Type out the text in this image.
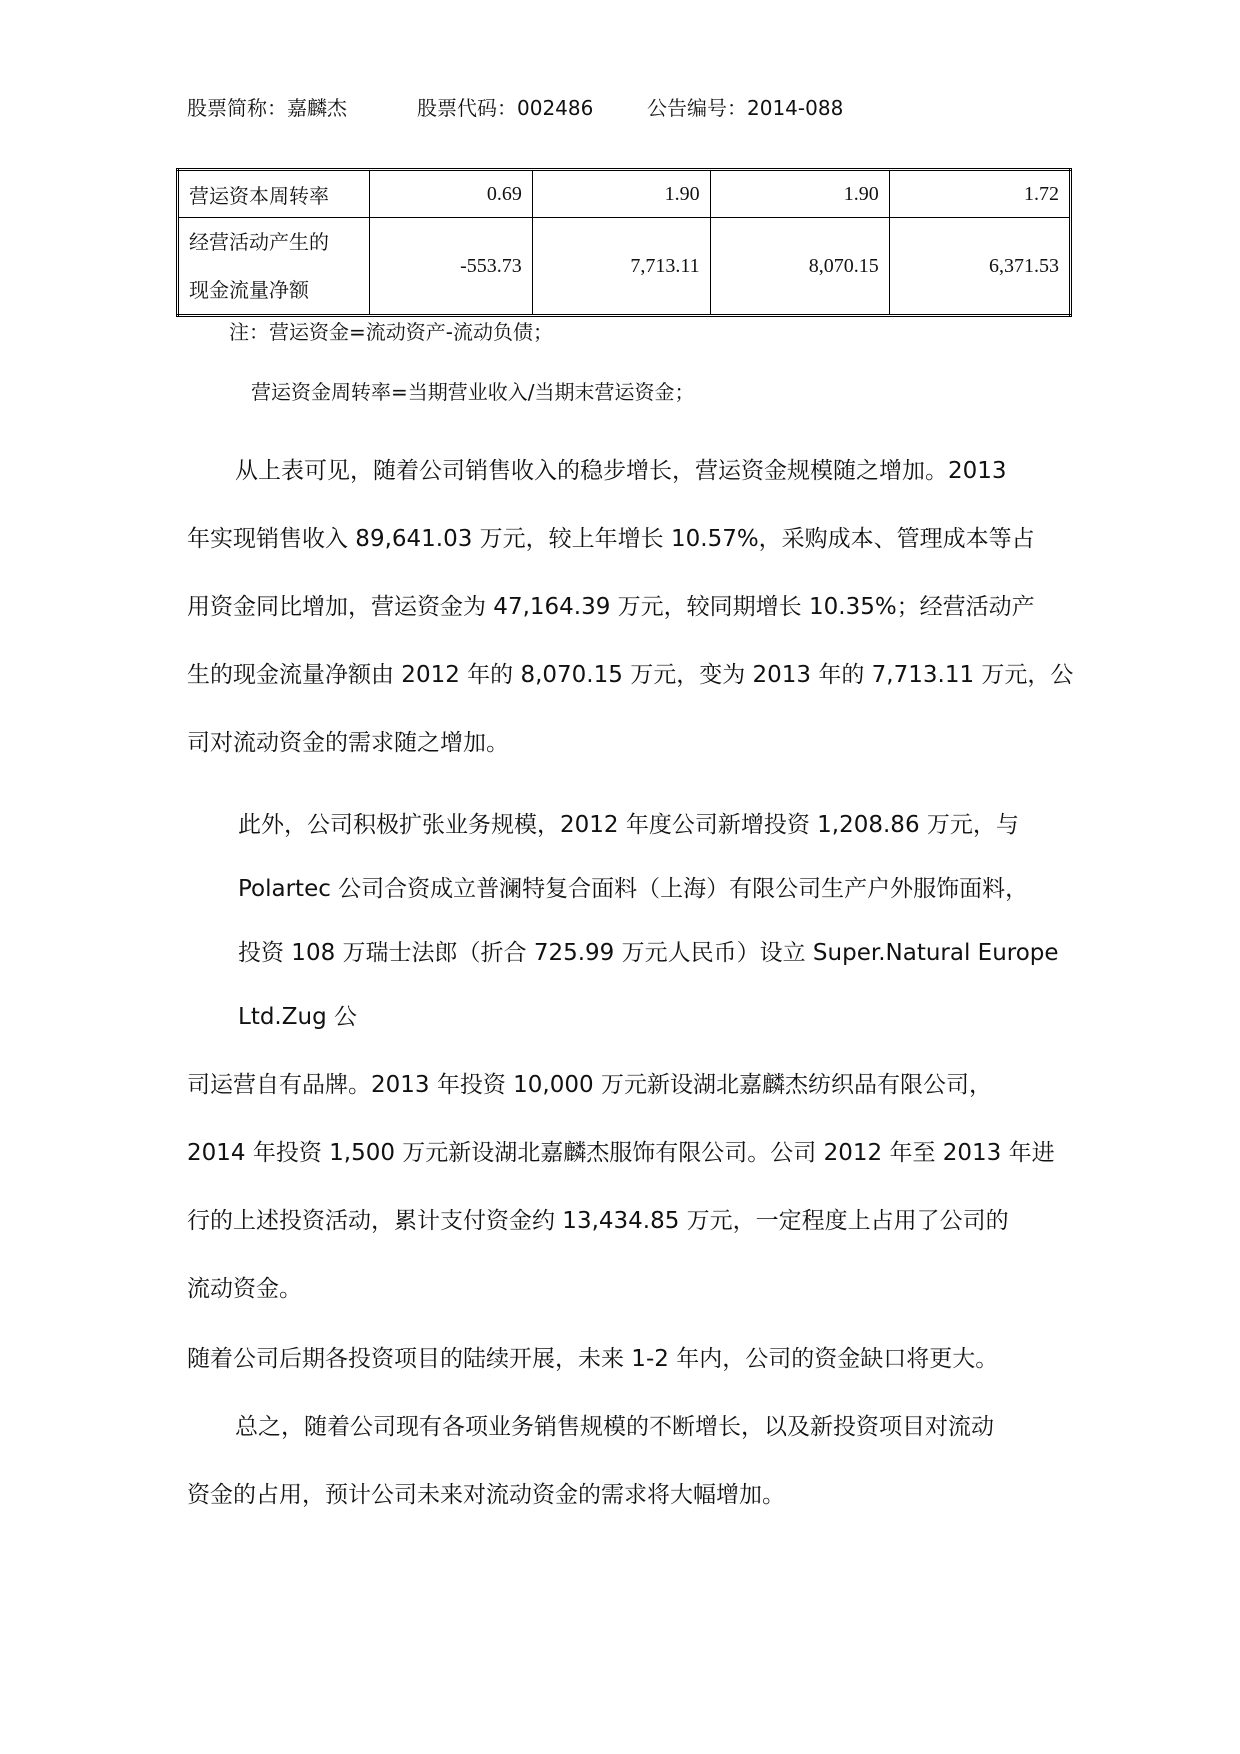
股票简称：嘉麟杰	股票代码：002486	公告编号：2014-088
营运资本周转率	0.69	1.90	1.90	1.72

经营活动产生的
现金流量净额	-553.73	7,713.11	8,070.15	6,371.53
注：营运资金=流动资产-流动负债；
营运资金周转率=当期营业收入/当期末营运资金；
从上表可见，随着公司销售收入的稳步增长，营运资金规模随之增加。2013
年实现销售收入 89,641.03 万元，较上年增长 10.57%，采购成本、管理成本等占
用资金同比增加，营运资金为 47,164.39 万元，较同期增长 10.35%；经营活动产
生的现金流量净额由 2012 年的 8,070.15 万元，变为 2013 年的 7,713.11 万元，公
司对流动资金的需求随之增加。
此外，公司积极扩张业务规模，2012 年度公司新增投资 1,208.86 万元，与
Polartec 公司合资成立普澜特复合面料（上海）有限公司生产户外服饰面料，
投资 108 万瑞士法郎（折合 725.99 万元人民币）设立 Super.Natural Europe
Ltd.Zug 公
司运营自有品牌。2013 年投资 10,000 万元新设湖北嘉麟杰纺织品有限公司，
2014 年投资 1,500 万元新设湖北嘉麟杰服饰有限公司。公司 2012 年至 2013 年进
行的上述投资活动，累计支付资金约 13,434.85 万元，一定程度上占用了公司的
流动资金。
随着公司后期各投资项目的陆续开展，未来 1-2 年内，公司的资金缺口将更大。
总之，随着公司现有各项业务销售规模的不断增长，以及新投资项目对流动
资金的占用，预计公司未来对流动资金的需求将大幅增加。
